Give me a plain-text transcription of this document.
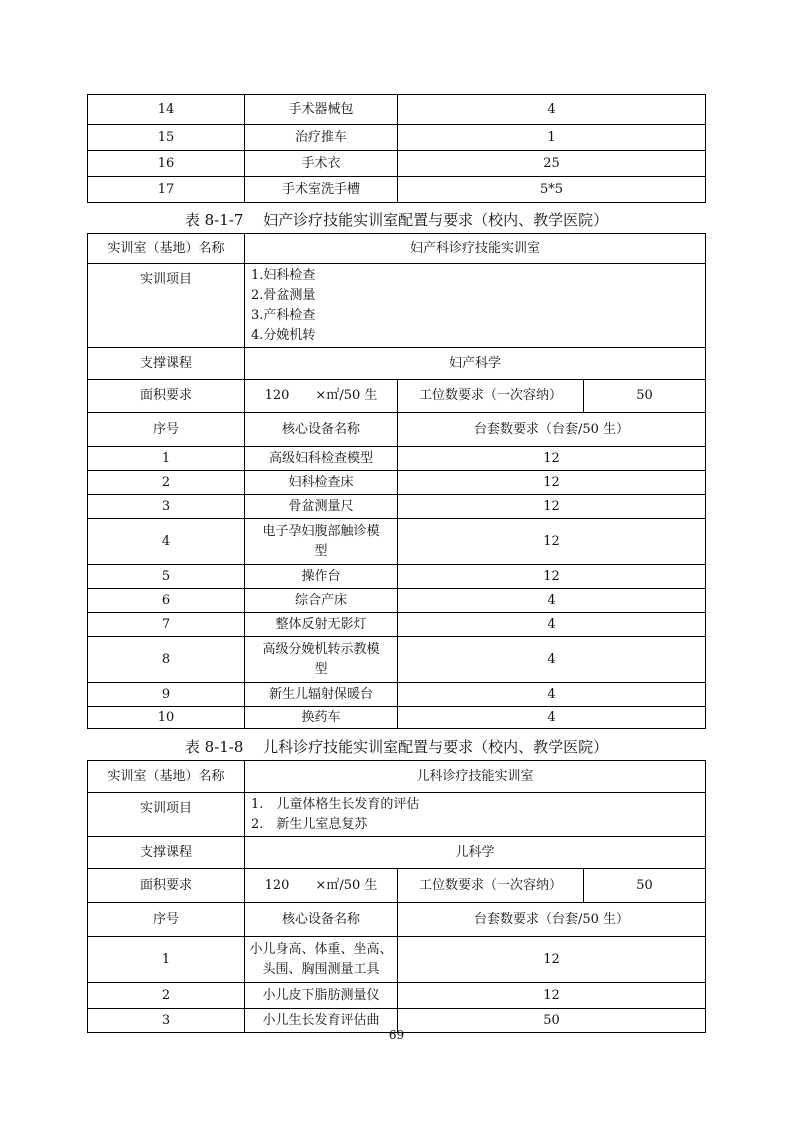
14	手术器械包	4
15	治疗推车	1
16	手术衣	25
17	手术室洗手槽	5*5
表 8-1-7　 妇产诊疗技能实训室配置与要求（校内、教学医院）
实训室（基地）名称	妇产科诊疗技能实训室		
实训项目	1.妇科检查
2.骨盆测量
3.产科检查
4.分娩机转		

支撑课程	妇产科学		
面积要求	120　　×㎡/50 生	工位数要求（一次容纳）	50
序号	核心设备名称	台套数要求（台套/50 生）	
1	高级妇科检查模型	12	
2	妇科检查床	12	
3	骨盆测量尺	12	
4	电子孕妇腹部触诊模
型	12	
5	操作台	12	
6	综合产床	4	
7	整体反射无影灯	4	
8	高级分娩机转示教模
型	4	
9	新生儿辐射保暖台	4	
10	换药车	4	
表 8-1-8　 儿科诊疗技能实训室配置与要求（校内、教学医院）
实训室（基地）名称	儿科诊疗技能实训室		
实训项目	1.　儿童体格生长发育的评估
2.　新生儿室息复苏		

支撑课程	儿科学		
面积要求	120　　×㎡/50 生	工位数要求（一次容纳）	50
序号	核心设备名称	台套数要求（台套/50 生）	
1	小儿身高、体重、坐高、
头围、胸围测量工具	12	
2	小儿皮下脂肪测量仪	12	
3	小儿生长发育评估曲	50	
69
